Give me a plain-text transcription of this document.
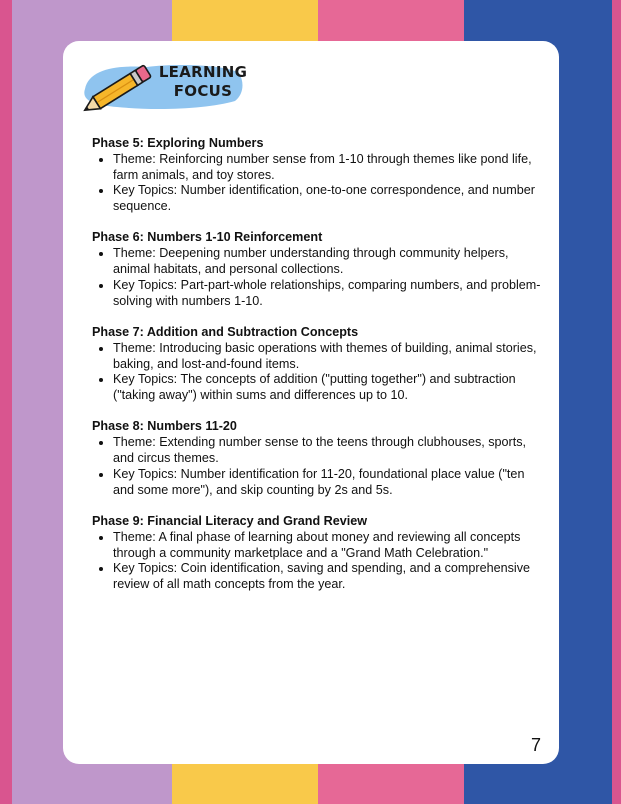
LEARNING
FOCUS
Phase 5: Exploring Numbers
• Theme: Reinforcing number sense from 1-10 through themes like pond life, farm animals, and toy stores.
• Key Topics: Number identification, one-to-one correspondence, and number sequence.
Phase 6: Numbers 1-10 Reinforcement
• Theme: Deepening number understanding through community helpers, animal habitats, and personal collections.
• Key Topics: Part-part-whole relationships, comparing numbers, and problem-solving with numbers 1-10.
Phase 7: Addition and Subtraction Concepts
• Theme: Introducing basic operations with themes of building, animal stories, baking, and lost-and-found items.
• Key Topics: The concepts of addition ("putting together") and subtraction ("taking away") within sums and differences up to 10.
Phase 8: Numbers 11-20
• Theme: Extending number sense to the teens through clubhouses, sports, and circus themes.
• Key Topics: Number identification for 11-20, foundational place value ("ten and some more"), and skip counting by 2s and 5s.
Phase 9: Financial Literacy and Grand Review
• Theme: A final phase of learning about money and reviewing all concepts through a community marketplace and a "Grand Math Celebration."
• Key Topics: Coin identification, saving and spending, and a comprehensive review of all math concepts from the year.
7
